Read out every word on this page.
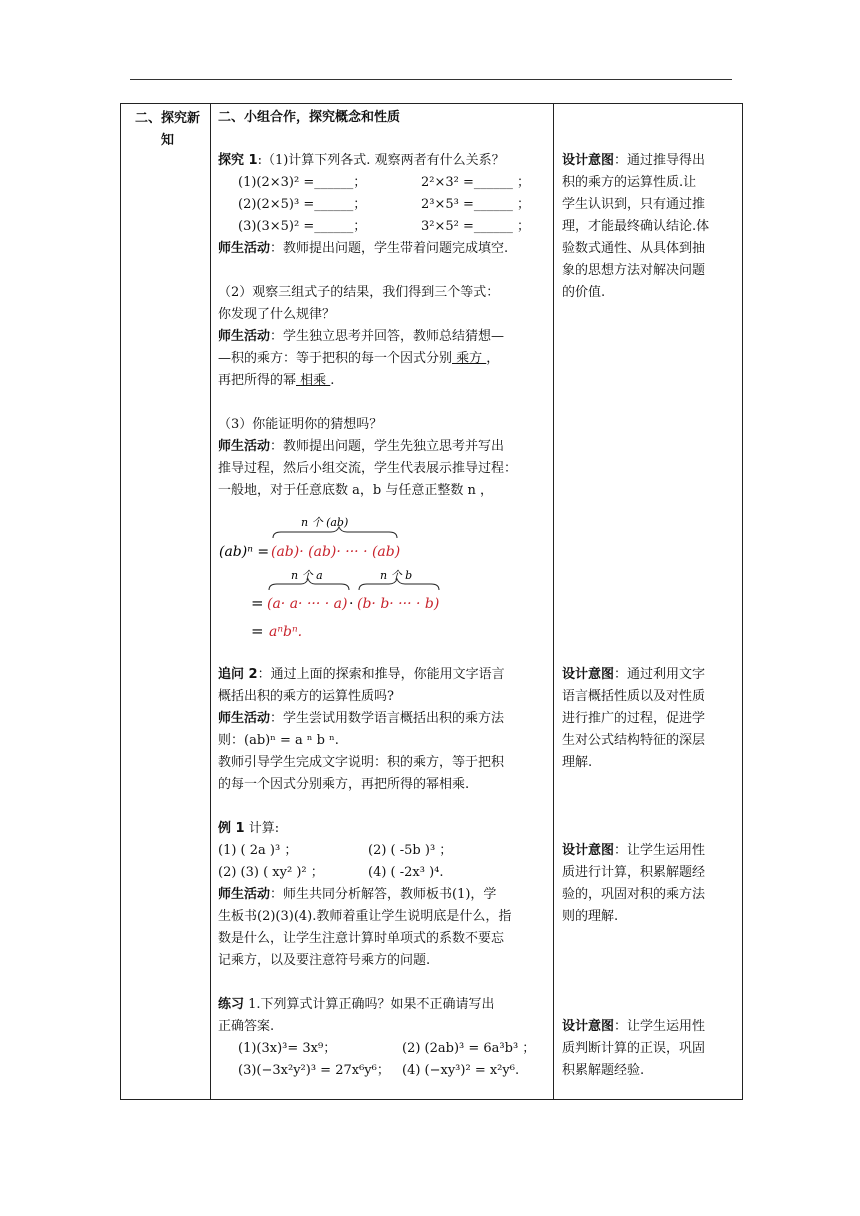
二、探究新知

二、小组合作，探究概念和性质
探究 1:（1)计算下列各式. 观察两者有什么关系？
(1)(2×3)² =______；	2²×3² =______ ；
(2)(2×5)³ =______；	2³×5³ =______ ；
(3)(3×5)² =______；	3²×5² =______ ；
师生活动：教师提出问题，学生带着问题完成填空.
（2）观察三组式子的结果，我们得到三个等式：
你发现了什么规律？
师生活动：学生独立思考并回答，教师总结猜想—
—积的乘方：等于把积的每一个因式分别 乘方 ，
再把所得的幂 相乘 .
（3）你能证明你的猜想吗？
师生活动：教师提出问题，学生先独立思考并写出
推导过程，然后小组交流，学生代表展示推导过程：
一般地，对于任意底数 a，b 与任意正整数 n ，
(ab)ⁿ =
n 个 (ab)
(ab)· (ab)· ··· · (ab)
n 个 a	n 个 b
= (a· a· ··· · a) · (b· b· ··· · b)
= aⁿbⁿ.
追问 2：通过上面的探索和推导，你能用文字语言
概括出积的乘方的运算性质吗?
师生活动：学生尝试用数学语言概括出积的乘方法
则：(ab)ⁿ = a ⁿ b ⁿ.
教师引导学生完成文字说明：积的乘方，等于把积
的每一个因式分别乘方，再把所得的幂相乘.
例 1 计算:
(1) ( 2a )³ ；	(2) ( -5b )³ ；
(2) (3) ( xy² )² ；	(4) ( -2x³ )⁴.
师生活动：师生共同分析解答，教师板书(1)，学
生板书(2)(3)(4).教师着重让学生说明底是什么，指
数是什么，让学生注意计算时单项式的系数不要忘
记乘方，以及要注意符号乘方的问题.
练习 1.下列算式计算正确吗？如果不正确请写出
正确答案.
(1)(3x)³= 3x⁹；	(2) (2ab)³ = 6a³b³ ；
(3)(−3x²y²)³ = 27x⁶y⁶； (4) (−xy³)² = x²y⁶.

设计意图：通过推导得出
积的乘方的运算性质.让
学生认识到，只有通过推
理，才能最终确认结论.体
验数式通性、从具体到抽
象的思想方法对解决问题
的价值.
设计意图：通过利用文字
语言概括性质以及对性质
进行推广的过程，促进学
生对公式结构特征的深层
理解.
设计意图：让学生运用性
质进行计算，积累解题经
验的，巩固对积的乘方法
则的理解.
设计意图：让学生运用性
质判断计算的正误，巩固
积累解题经验.
